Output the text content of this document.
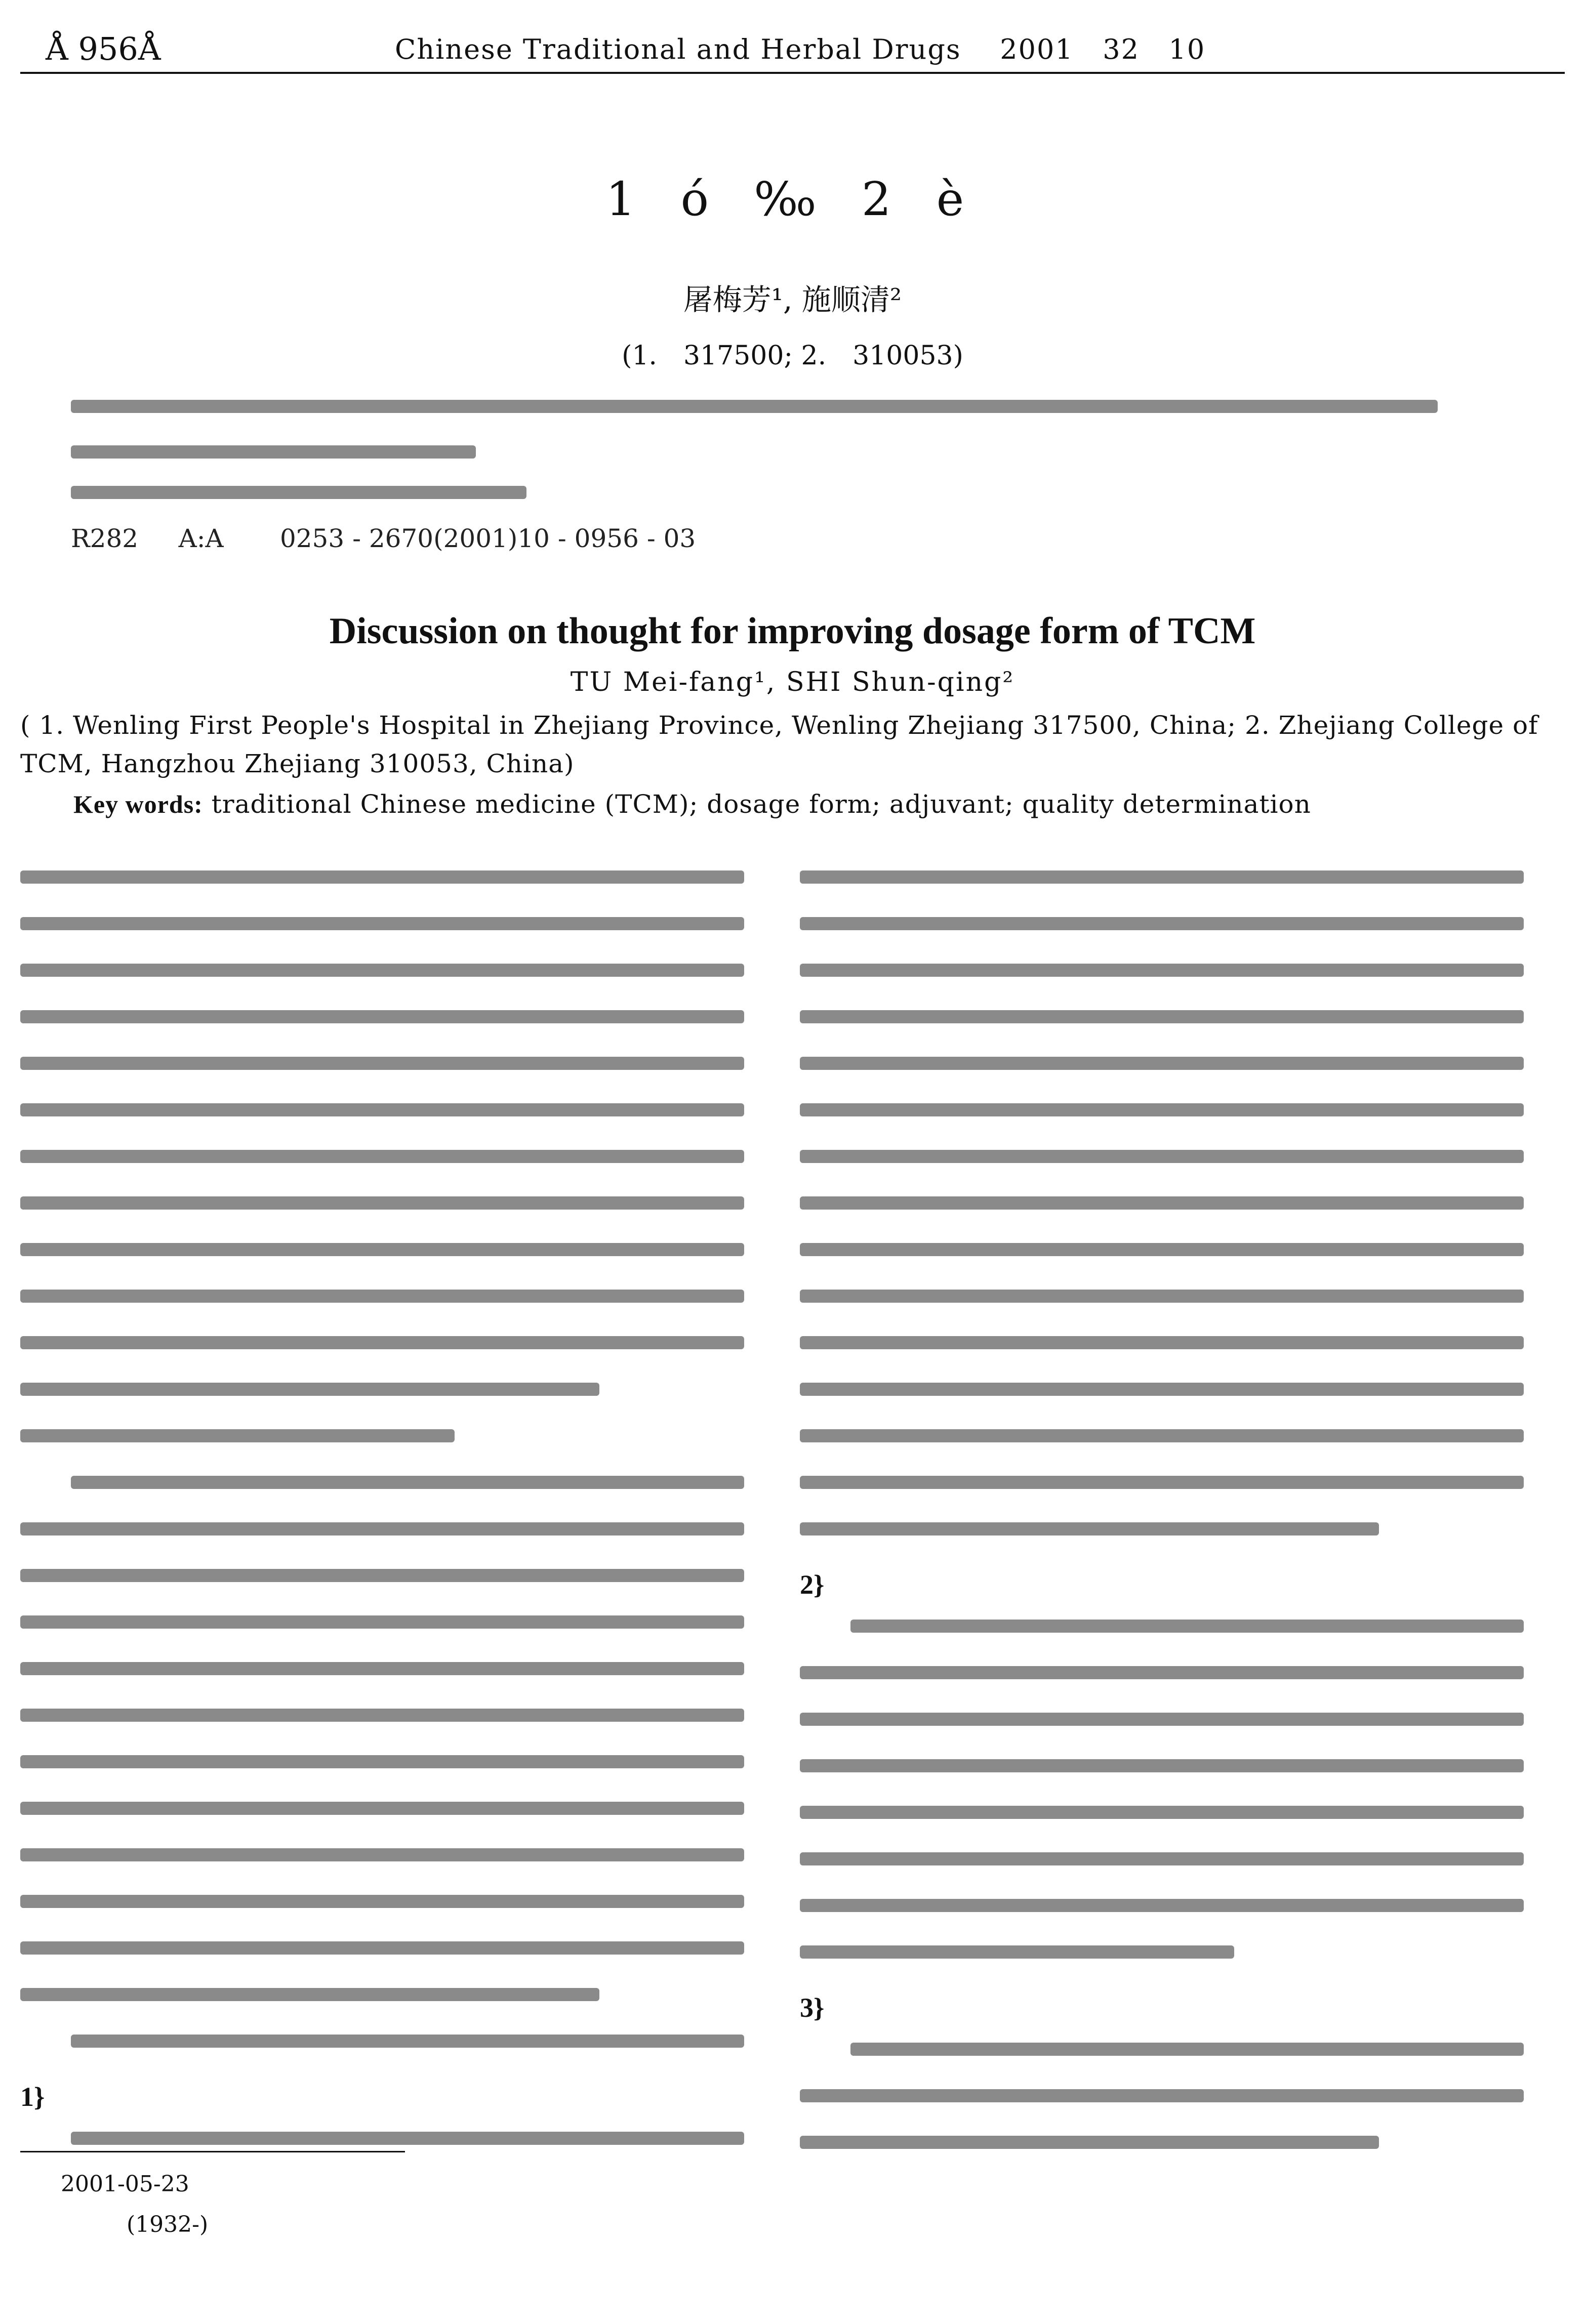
Å 956Å	Chinese Traditional and Herbal Drugs 2001 32 10
1 ó ‰ 2 è
屠梅芳¹, 施顺清²
(1.　317500; 2.　310053)
R282 A:A 0253 - 2670(2001)10 - 0956 - 03
Discussion on thought for improving dosage form of TCM
TU Mei-fang¹, SHI Shun-qing²
( 1. Wenling First People's Hospital in Zhejiang Province, Wenling Zhejiang 317500, China; 2. Zhejiang College of TCM, Hangzhou Zhejiang 310053, China)
Key words: traditional Chinese medicine (TCM); dosage form; adjuvant; quality determination
1}
2}
3}
2001-05-23
(1932-)
